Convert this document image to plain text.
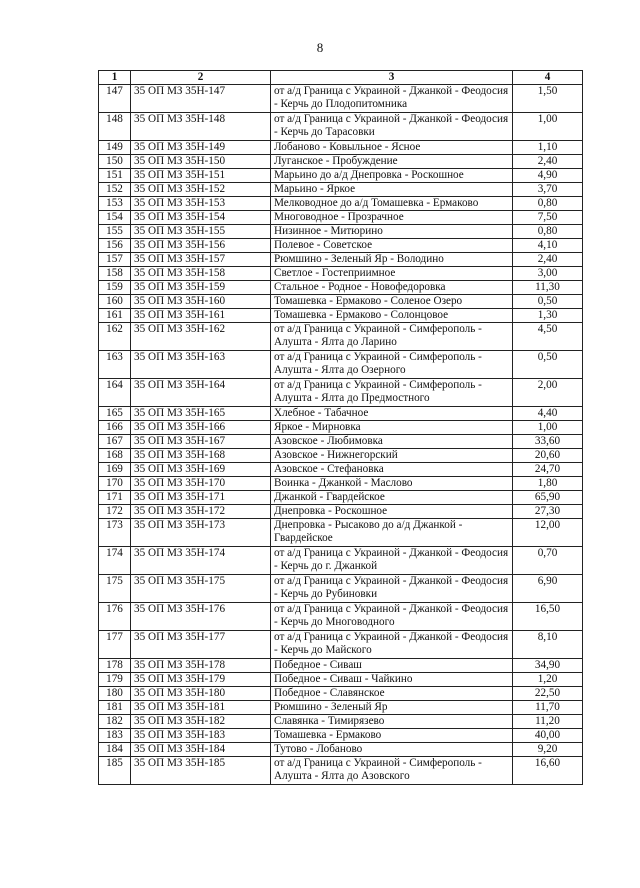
8
1	2	3	4
147	35 ОП МЗ 35Н-147	от а/д Граница с Украиной - Джанкой - Феодосия - Керчь до Плодопитомника	1,50
148	35 ОП МЗ 35Н-148	от а/д Граница с Украиной - Джанкой - Феодосия - Керчь до Тарасовки	1,00
149	35 ОП МЗ 35Н-149	Лобаново - Ковыльное - Ясное	1,10
150	35 ОП МЗ 35Н-150	Луганское - Пробуждение	2,40
151	35 ОП МЗ 35Н-151	Марьино до а/д Днепровка - Роскошное	4,90
152	35 ОП МЗ 35Н-152	Марьино - Яркое	3,70
153	35 ОП МЗ 35Н-153	Мелководное до а/д Томашевка - Ермаково	0,80
154	35 ОП МЗ 35Н-154	Многоводное - Прозрачное	7,50
155	35 ОП МЗ 35Н-155	Низинное - Митюрино	0,80
156	35 ОП МЗ 35Н-156	Полевое - Советское	4,10
157	35 ОП МЗ 35Н-157	Рюмшино - Зеленый Яр - Володино	2,40
158	35 ОП МЗ 35Н-158	Светлое - Гостеприимное	3,00
159	35 ОП МЗ 35Н-159	Стальное - Родное - Новофедоровка	11,30
160	35 ОП МЗ 35Н-160	Томашевка - Ермаково - Соленое Озеро	0,50
161	35 ОП МЗ 35Н-161	Томашевка - Ермаково - Солонцовое	1,30
162	35 ОП МЗ 35Н-162	от а/д Граница с Украиной - Симферополь - Алушта - Ялта до Ларино	4,50
163	35 ОП МЗ 35Н-163	от а/д Граница с Украиной - Симферополь - Алушта - Ялта до Озерного	0,50
164	35 ОП МЗ 35Н-164	от а/д Граница с Украиной - Симферополь - Алушта - Ялта до Предмостного	2,00
165	35 ОП МЗ 35Н-165	Хлебное - Табачное	4,40
166	35 ОП МЗ 35Н-166	Яркое - Мирновка	1,00
167	35 ОП МЗ 35Н-167	Азовское - Любимовка	33,60
168	35 ОП МЗ 35Н-168	Азовское - Нижнегорский	20,60
169	35 ОП МЗ 35Н-169	Азовское - Стефановка	24,70
170	35 ОП МЗ 35Н-170	Воинка - Джанкой - Маслово	1,80
171	35 ОП МЗ 35Н-171	Джанкой - Гвардейское	65,90
172	35 ОП МЗ 35Н-172	Днепровка - Роскошное	27,30
173	35 ОП МЗ 35Н-173	Днепровка - Рысаково до а/д Джанкой - Гвардейское	12,00
174	35 ОП МЗ 35Н-174	от а/д Граница с Украиной - Джанкой - Феодосия - Керчь до г. Джанкой	0,70
175	35 ОП МЗ 35Н-175	от а/д Граница с Украиной - Джанкой - Феодосия - Керчь до Рубиновки	6,90
176	35 ОП МЗ 35Н-176	от а/д Граница с Украиной - Джанкой - Феодосия - Керчь до Многоводного	16,50
177	35 ОП МЗ 35Н-177	от а/д Граница с Украиной - Джанкой - Феодосия - Керчь до Майского	8,10
178	35 ОП МЗ 35Н-178	Победное - Сиваш	34,90
179	35 ОП МЗ 35Н-179	Победное - Сиваш - Чайкино	1,20
180	35 ОП МЗ 35Н-180	Победное - Славянское	22,50
181	35 ОП МЗ 35Н-181	Рюмшино - Зеленый Яр	11,70
182	35 ОП МЗ 35Н-182	Славянка - Тимирязево	11,20
183	35 ОП МЗ 35Н-183	Томашевка - Ермаково	40,00
184	35 ОП МЗ 35Н-184	Тутово - Лобаново	9,20
185	35 ОП МЗ 35Н-185	от а/д Граница с Украиной - Симферополь - Алушта - Ялта до Азовского	16,60
